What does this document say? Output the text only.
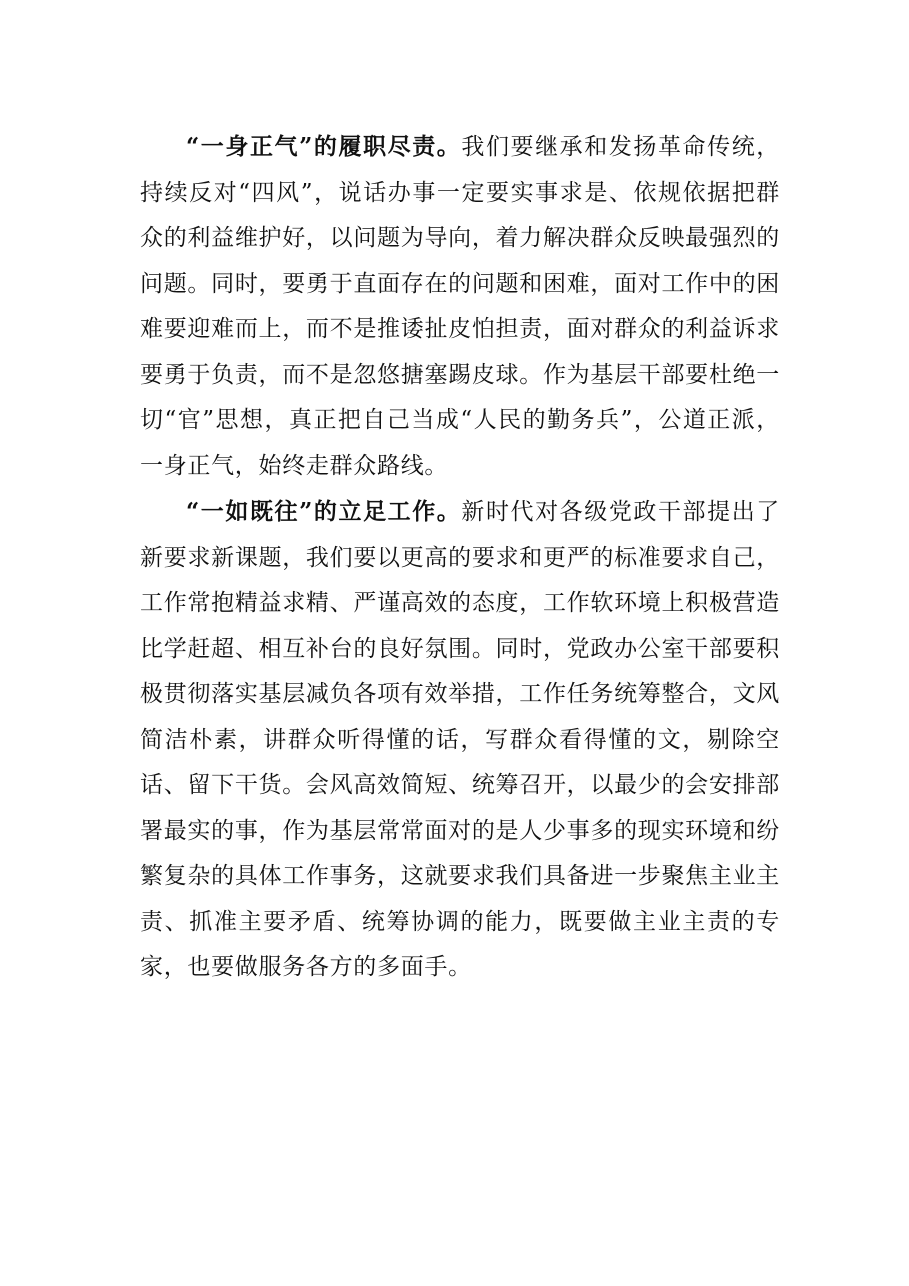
“一身正气”的履职尽责。我们要继承和发扬革命传统，持续反对“四风”，说话办事一定要实事求是、依规依据把群众的利益维护好，以问题为导向，着力解决群众反映最强烈的问题。同时，要勇于直面存在的问题和困难，面对工作中的困难要迎难而上，而不是推诿扯皮怕担责，面对群众的利益诉求要勇于负责，而不是忽悠搪塞踢皮球。作为基层干部要杜绝一切“官”思想，真正把自己当成“人民的勤务兵”，公道正派，一身正气，始终走群众路线。

“一如既往”的立足工作。新时代对各级党政干部提出了新要求新课题，我们要以更高的要求和更严的标准要求自己，工作常抱精益求精、严谨高效的态度，工作软环境上积极营造比学赶超、相互补台的良好氛围。同时，党政办公室干部要积极贯彻落实基层减负各项有效举措，工作任务统筹整合，文风简洁朴素，讲群众听得懂的话，写群众看得懂的文，剔除空话、留下干货。会风高效简短、统筹召开，以最少的会安排部署最实的事，作为基层常常面对的是人少事多的现实环境和纷繁复杂的具体工作事务，这就要求我们具备进一步聚焦主业主责、抓准主要矛盾、统筹协调的能力，既要做主业主责的专家，也要做服务各方的多面手。
